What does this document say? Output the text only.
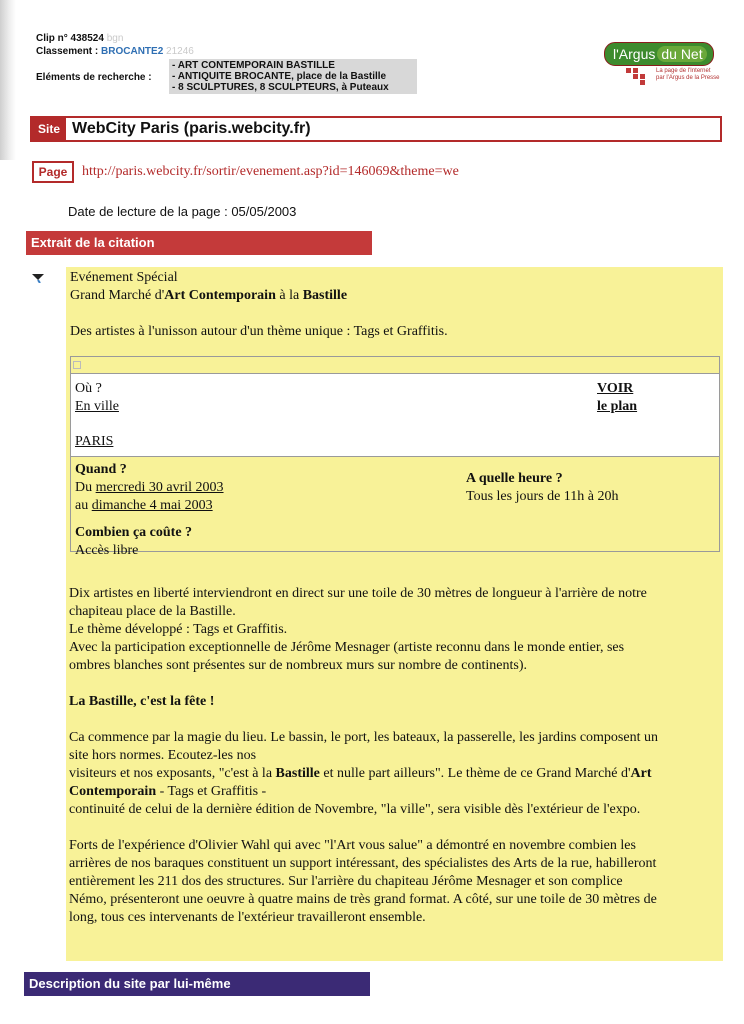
Clip n° 438524 bgn
Classement : BROCANTE2 21246
Eléments de recherche :
- ART CONTEMPORAIN BASTILLE
- ANTIQUITE BROCANTE, place de la Bastille
- 8 SCULPTURES, 8 SCULPTEURS, à Puteaux
l'Argus du Net
La page de l'Internet
par l'Argus de la Presse
Site WebCity Paris (paris.webcity.fr)
Page	http://paris.webcity.fr/sortir/evenement.asp?id=146069&theme=we
Date de lecture de la page : 05/05/2003
Extrait de la citation
Evénement Spécial
Grand Marché d'Art Contemporain à la Bastille
Des artistes à l'unisson autour d'un thème unique : Tags et Graffitis.
Où ?
En ville
PARIS
VOIR
le plan
Quand ?
Du mercredi 30 avril 2003
au dimanche 4 mai 2003
A quelle heure ?
Tous les jours de 11h à 20h
Combien ça coûte ?
Accès libre

Dix artistes en liberté interviendront en direct sur une toile de 30 mètres de longueur à l'arrière de notre

chapiteau place de la Bastille.

Le thème développé : Tags et Graffitis.

Avec la participation exceptionnelle de Jérôme Mesnager (artiste reconnu dans le monde entier, ses

ombres blanches sont présentes sur de nombreux murs sur nombre de continents).

La Bastille, c'est la fête !

Ca commence par la magie du lieu. Le bassin, le port, les bateaux, la passerelle, les jardins composent un

site hors normes. Ecoutez-les nos

visiteurs et nos exposants, "c'est à la Bastille et nulle part ailleurs". Le thème de ce Grand Marché d'Art

Contemporain - Tags et Graffitis -

continuité de celui de la dernière édition de Novembre, "la ville", sera visible dès l'extérieur de l'expo.

Forts de l'expérience d'Olivier Wahl qui avec "l'Art vous salue" a démontré en novembre combien les

arrières de nos baraques constituent un support intéressant, des spécialistes des Arts de la rue, habilleront

entièrement les 211 dos des structures. Sur l'arrière du chapiteau Jérôme Mesnager et son complice

Némo, présenteront une oeuvre à quatre mains de très grand format. A côté, sur une toile de 30 mètres de

long, tous ces intervenants de l'extérieur travailleront ensemble.

Description du site par lui-même
